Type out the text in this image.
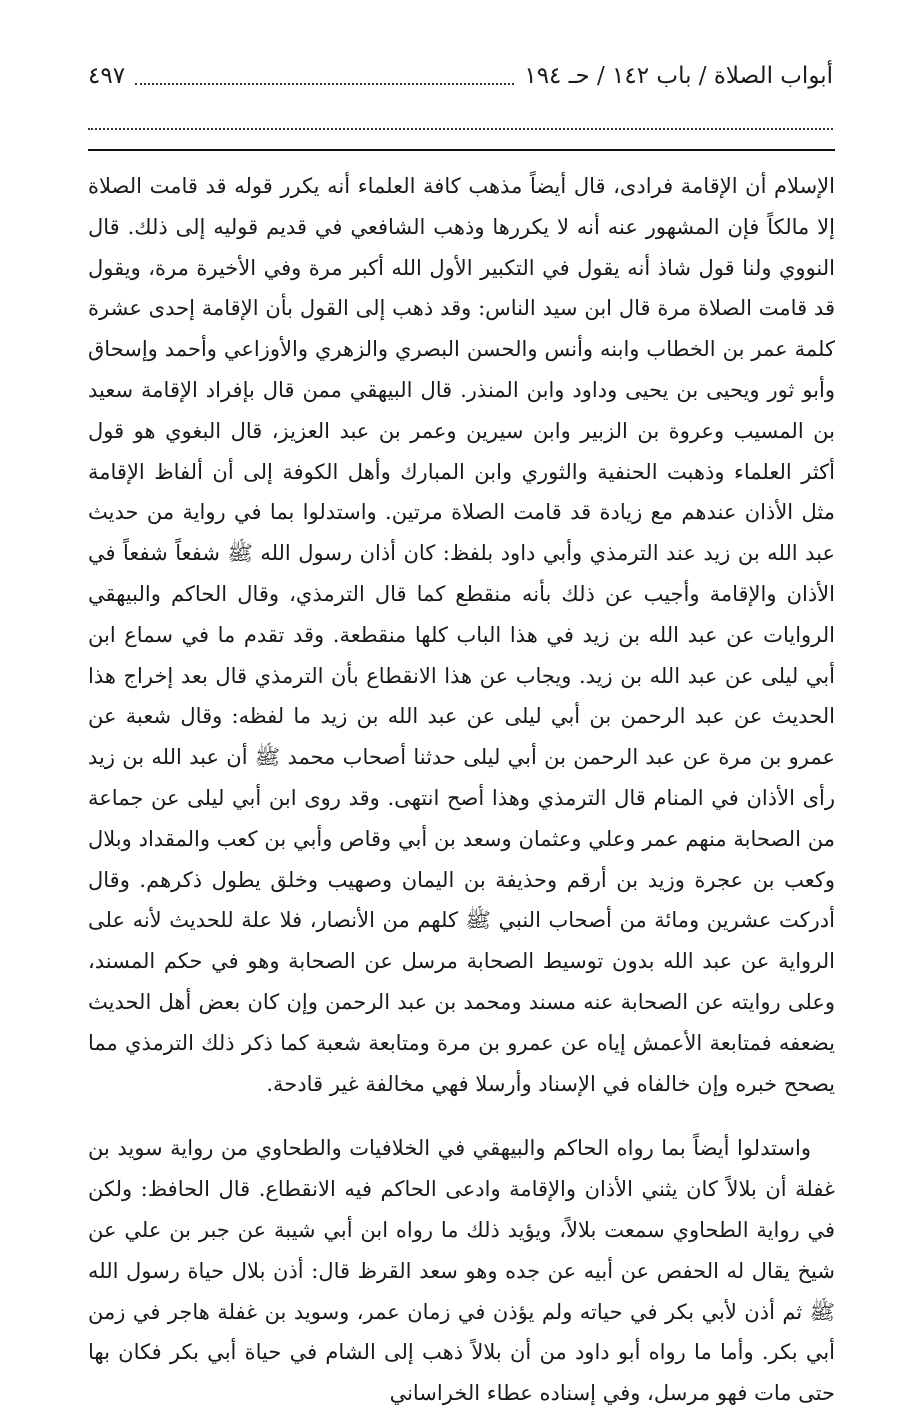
أبواب الصلاة / باب ١٤٢ / حـ ١٩٤
٤٩٧

الإسلام أن الإقامة فرادى، قال أيضاً مذهب كافة العلماء أنه يكرر قوله قد قامت الصلاة إلا مالكاً فإن المشهور عنه أنه لا يكررها وذهب الشافعي في قديم قوليه إلى ذلك. قال النووي ولنا قول شاذ أنه يقول في التكبير الأول الله أكبر مرة وفي الأخيرة مرة، ويقول قد قامت الصلاة مرة قال ابن سيد الناس: وقد ذهب إلى القول بأن الإقامة إحدى عشرة كلمة عمر بن الخطاب وابنه وأنس والحسن البصري والزهري والأوزاعي وأحمد وإسحاق وأبو ثور ويحيى بن يحيى وداود وابن المنذر. قال البيهقي ممن قال بإفراد الإقامة سعيد بن المسيب وعروة بن الزبير وابن سيرين وعمر بن عبد العزيز، قال البغوي هو قول أكثر العلماء وذهبت الحنفية والثوري وابن المبارك وأهل الكوفة إلى أن ألفاظ الإقامة مثل الأذان عندهم مع زيادة قد قامت الصلاة مرتين. واستدلوا بما في رواية من حديث عبد الله بن زيد عند الترمذي وأبي داود بلفظ: كان أذان رسول الله ﷺ شفعاً شفعاً في الأذان والإقامة وأجيب عن ذلك بأنه منقطع كما قال الترمذي، وقال الحاكم والبيهقي الروايات عن عبد الله بن زيد في هذا الباب كلها منقطعة. وقد تقدم ما في سماع ابن أبي ليلى عن عبد الله بن زيد. ويجاب عن هذا الانقطاع بأن الترمذي قال بعد إخراج هذا الحديث عن عبد الرحمن بن أبي ليلى عن عبد الله بن زيد ما لفظه: وقال شعبة عن عمرو بن مرة عن عبد الرحمن بن أبي ليلى حدثنا أصحاب محمد ﷺ أن عبد الله بن زيد رأى الأذان في المنام قال الترمذي وهذا أصح انتهى. وقد روى ابن أبي ليلى عن جماعة من الصحابة منهم عمر وعلي وعثمان وسعد بن أبي وقاص وأبي بن كعب والمقداد وبلال وكعب بن عجرة وزيد بن أرقم وحذيفة بن اليمان وصهيب وخلق يطول ذكرهم. وقال أدركت عشرين ومائة من أصحاب النبي ﷺ كلهم من الأنصار، فلا علة للحديث لأنه على الرواية عن عبد الله بدون توسيط الصحابة مرسل عن الصحابة وهو في حكم المسند، وعلى روايته عن الصحابة عنه مسند ومحمد بن عبد الرحمن وإن كان بعض أهل الحديث يضعفه فمتابعة الأعمش إياه عن عمرو بن مرة ومتابعة شعبة كما ذكر ذلك الترمذي مما يصحح خبره وإن خالفاه في الإسناد وأرسلا فهي مخالفة غير قادحة.

واستدلوا أيضاً بما رواه الحاكم والبيهقي في الخلافيات والطحاوي من رواية سويد بن غفلة أن بلالاً كان يثني الأذان والإقامة وادعى الحاكم فيه الانقطاع. قال الحافظ: ولكن في رواية الطحاوي سمعت بلالاً، ويؤيد ذلك ما رواه ابن أبي شيبة عن جبر بن علي عن شيخ يقال له الحفص عن أبيه عن جده وهو سعد القرظ قال: أذن بلال حياة رسول الله ﷺ ثم أذن لأبي بكر في حياته ولم يؤذن في زمان عمر، وسويد بن غفلة هاجر في زمن أبي بكر. وأما ما رواه أبو داود من أن بلالاً ذهب إلى الشام في حياة أبي بكر فكان بها حتى مات فهو مرسل، وفي إسناده عطاء الخراساني
